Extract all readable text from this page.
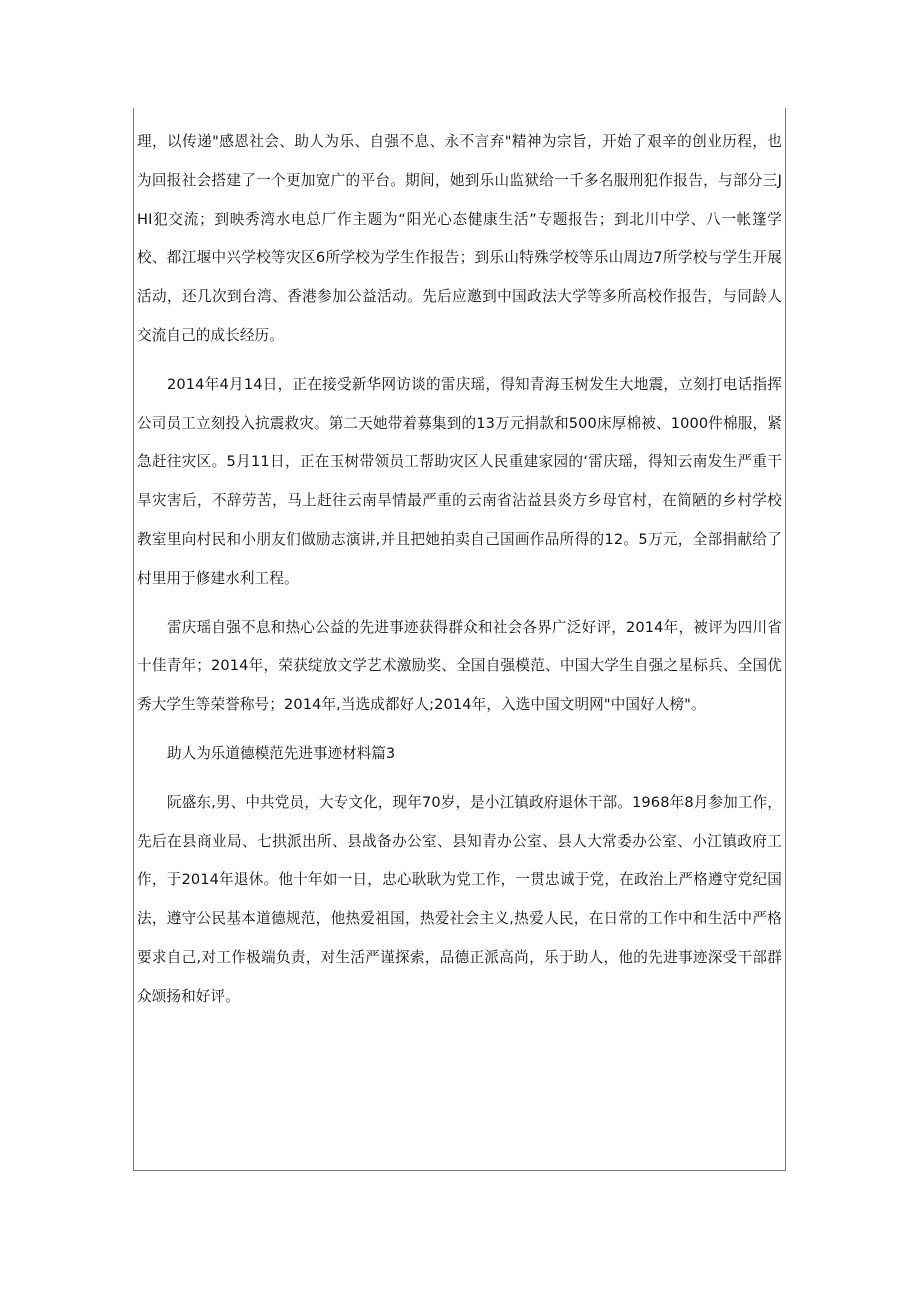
理，以传递"感恩社会、助人为乐、自强不息、永不言弃"精神为宗旨，开始了艰辛的创业历程，也为回报社会搭建了一个更加宽广的平台。期间，她到乐山监狱给一千多名服刑犯作报告，与部分三JHI犯交流；到映秀湾水电总厂作主题为“阳光心态健康生活”专题报告；到北川中学、八一帐篷学校、都江堰中兴学校等灾区6所学校为学生作报告；到乐山特殊学校等乐山周边7所学校与学生开展活动，还几次到台湾、香港参加公益活动。先后应邀到中国政法大学等多所高校作报告，与同龄人交流自己的成长经历。

2014年4月14日，正在接受新华网访谈的雷庆瑶，得知青海玉树发生大地震，立刻打电话指挥公司员工立刻投入抗震救灾。第二天她带着募集到的13万元捐款和500床厚棉被、1000件棉服，紧急赶往灾区。5月11日，正在玉树带领员工帮助灾区人民重建家园的‘雷庆瑶，得知云南发生严重干旱灾害后，不辞劳苦，马上赶往云南旱情最严重的云南省沾益县炎方乡母官村，在简陋的乡村学校教室里向村民和小朋友们做励志演讲,并且把她拍卖自己国画作品所得的12。5万元，全部捐献给了村里用于修建水利工程。

雷庆瑶自强不息和热心公益的先进事迹获得群众和社会各界广泛好评，2014年，被评为四川省十佳青年；2014年，荣获绽放文学艺术激励奖、全国自强模范、中国大学生自强之星标兵、全国优秀大学生等荣誉称号；2014年,当选成都好人;2014年，入选中国文明网"中国好人榜"。

助人为乐道德模范先进事迹材料篇3

阮盛东,男、中共党员，大专文化，现年70岁，是小江镇政府退休干部。1968年8月参加工作，先后在县商业局、七拱派出所、县战备办公室、县知青办公室、县人大常委办公室、小江镇政府工作，于2014年退休。他十年如一日，忠心耿耿为党工作，一贯忠诚于党，在政治上严格遵守党纪国法，遵守公民基本道德规范，他热爱祖国，热爱社会主义,热爱人民，在日常的工作中和生活中严格要求自己,对工作极端负责，对生活严谨探索，品德正派高尚，乐于助人，他的先进事迹深受干部群众颂扬和好评。
